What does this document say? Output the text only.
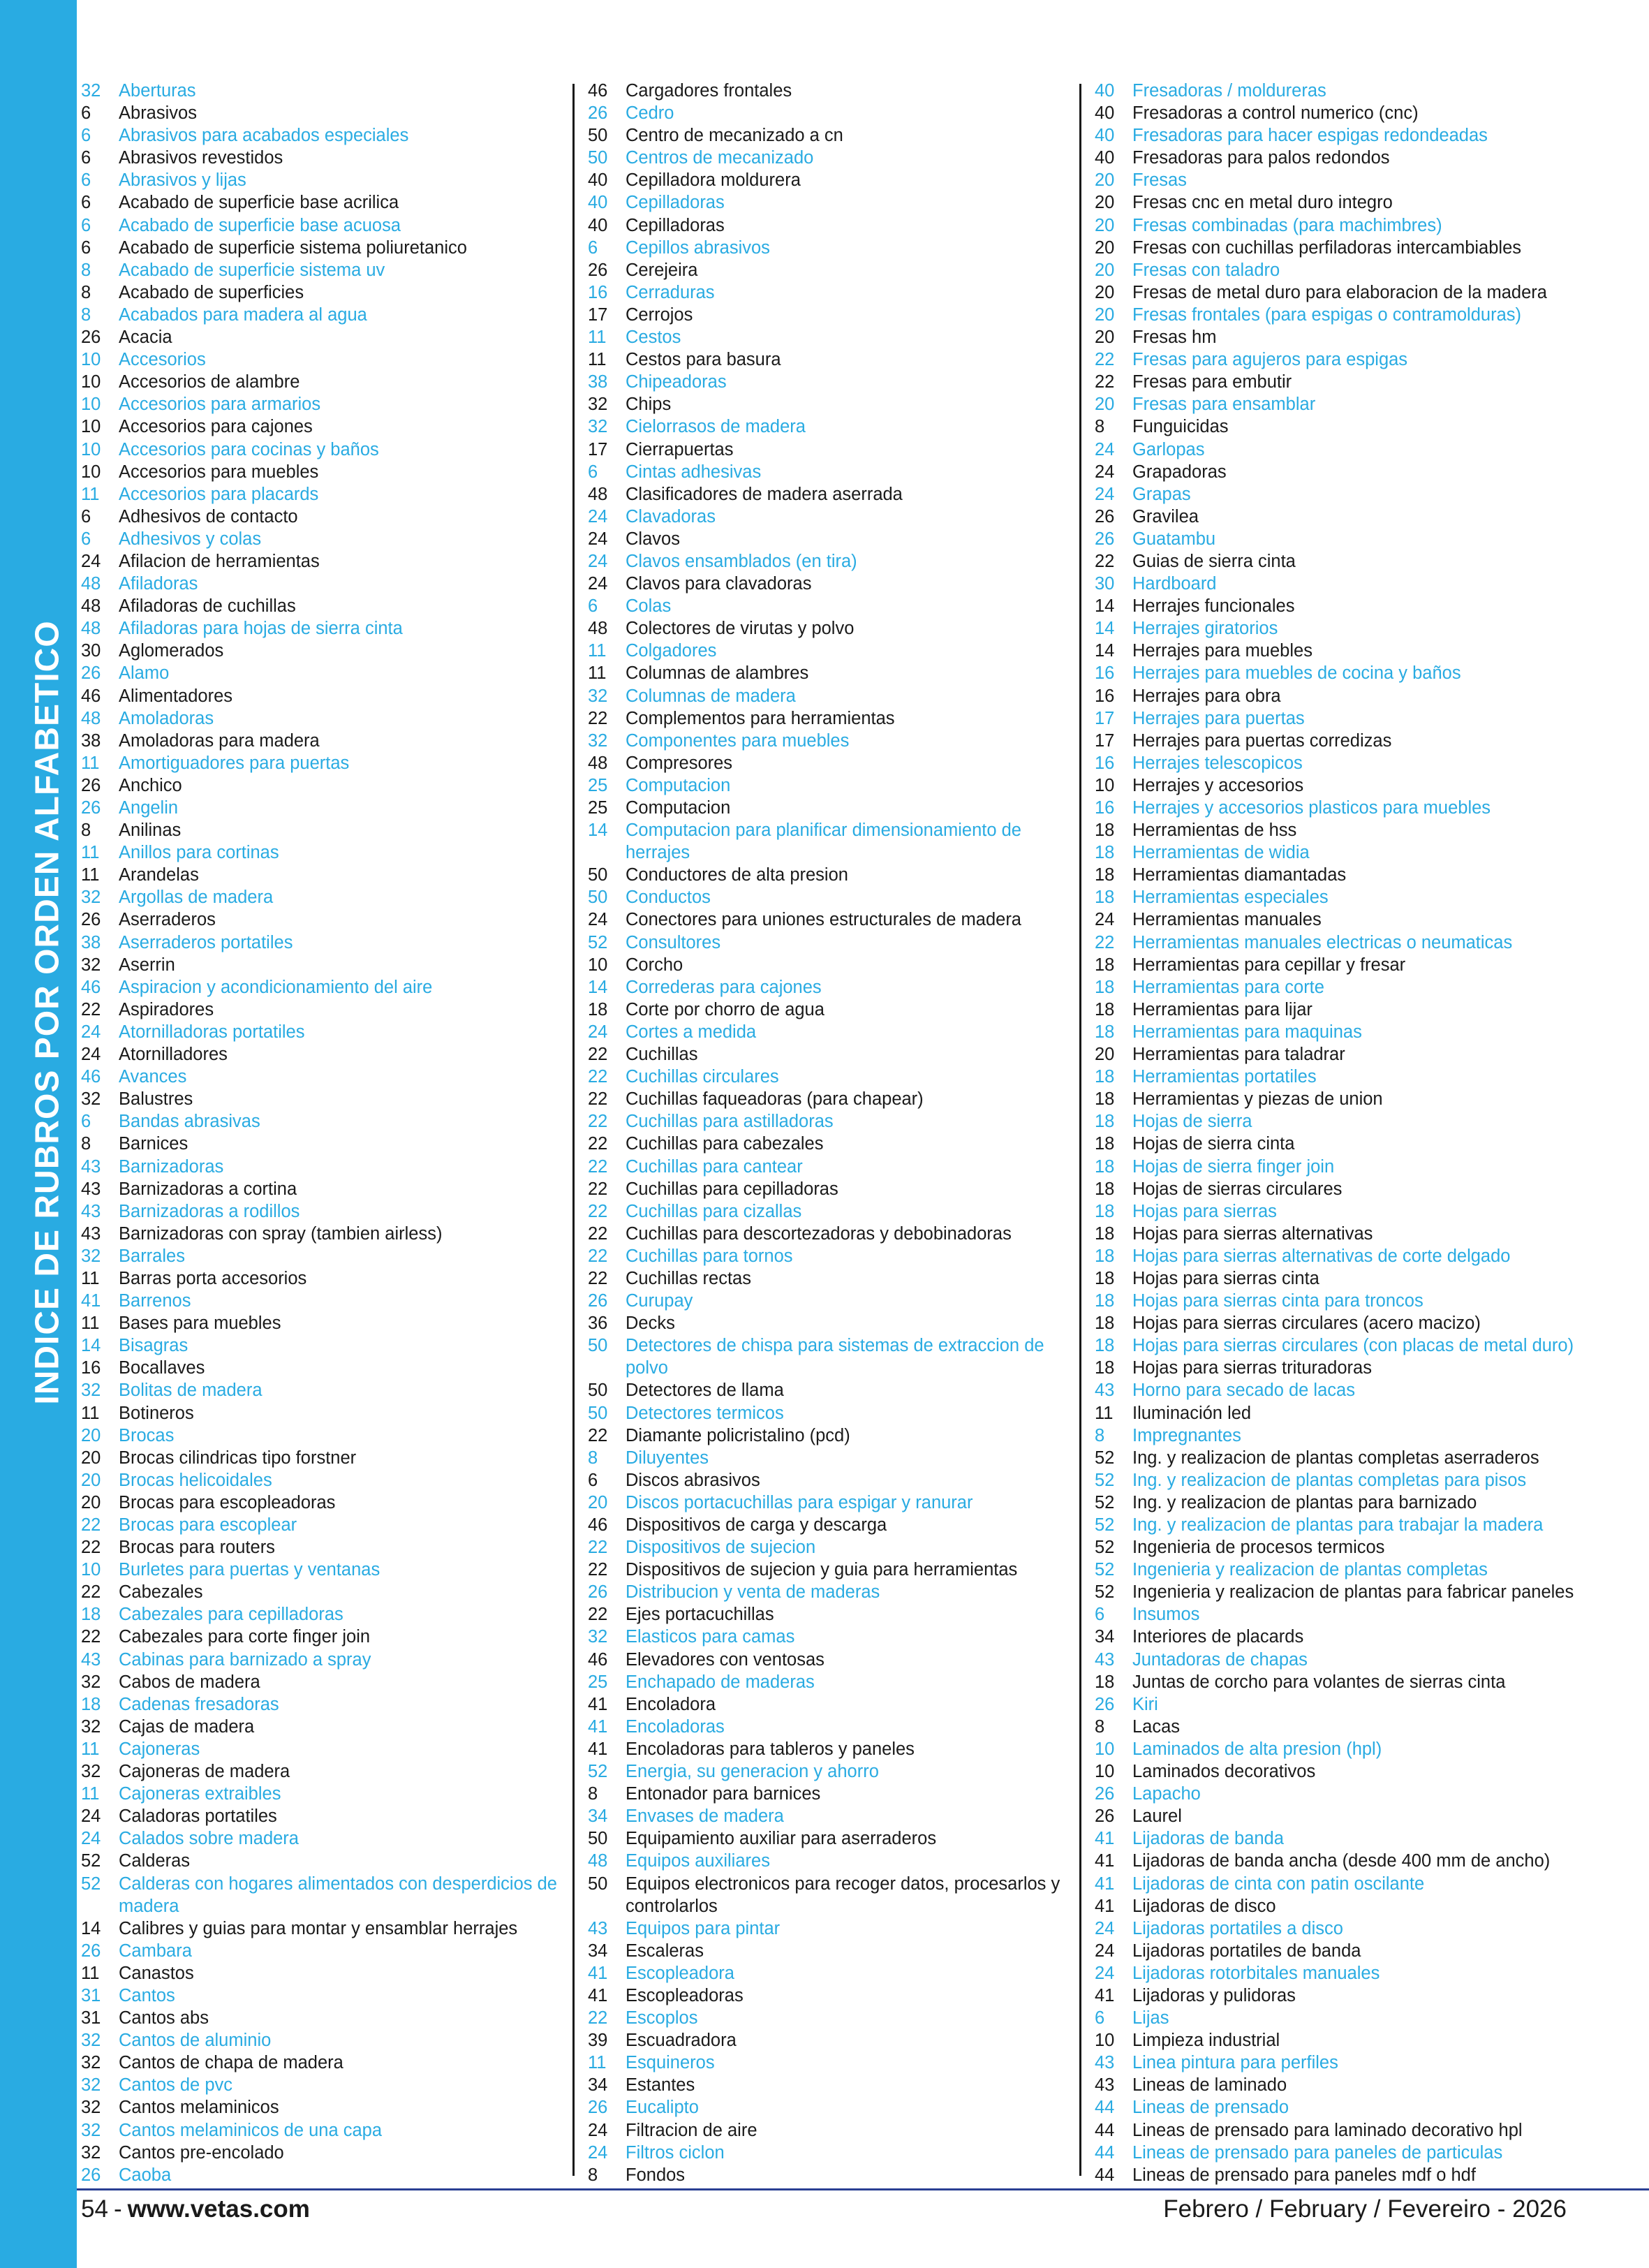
INDICE DE RUBROS POR ORDEN ALFABETICO
32	Aberturas
6	Abrasivos
6	Abrasivos para acabados especiales
6	Abrasivos revestidos
6	Abrasivos y lijas
6	Acabado de superficie base acrilica
6	Acabado de superficie base acuosa
6	Acabado de superficie sistema poliuretanico
8	Acabado de superficie sistema uv
8	Acabado de superficies
8	Acabados para madera al agua
26	Acacia
10	Accesorios
10	Accesorios de alambre
10	Accesorios para armarios
10	Accesorios para cajones
10	Accesorios para cocinas y baños
10	Accesorios para muebles
11	Accesorios para placards
6	Adhesivos de contacto
6	Adhesivos y colas
24	Afilacion de herramientas
48	Afiladoras
48	Afiladoras de cuchillas
48	Afiladoras para hojas de sierra cinta
30	Aglomerados
26	Alamo
46	Alimentadores
48	Amoladoras
38	Amoladoras para madera
11	Amortiguadores para puertas
26	Anchico
26	Angelin
8	Anilinas
11	Anillos para cortinas
11	Arandelas
32	Argollas de madera
26	Aserraderos
38	Aserraderos portatiles
32	Aserrin
46	Aspiracion y acondicionamiento del aire
22	Aspiradores
24	Atornilladoras portatiles
24	Atornilladores
46	Avances
32	Balustres
6	Bandas abrasivas
8	Barnices
43	Barnizadoras
43	Barnizadoras a cortina
43	Barnizadoras a rodillos
43	Barnizadoras con spray (tambien airless)
32	Barrales
11	Barras porta accesorios
41	Barrenos
11	Bases para muebles
14	Bisagras
16	Bocallaves
32	Bolitas de madera
11	Botineros
20	Brocas
20	Brocas cilindricas tipo forstner
20	Brocas helicoidales
20	Brocas para escopleadoras
22	Brocas para escoplear
22	Brocas para routers
10	Burletes para puertas y ventanas
22	Cabezales
18	Cabezales para cepilladoras
22	Cabezales para corte finger join
43	Cabinas para barnizado a spray
32	Cabos de madera
18	Cadenas fresadoras
32	Cajas de madera
11	Cajoneras
32	Cajoneras de madera
11	Cajoneras extraibles
24	Caladoras portatiles
24	Calados sobre madera
52	Calderas
52	Calderas con hogares alimentados con desperdicios de madera
14	Calibres y guias para montar y ensamblar herrajes
26	Cambara
11	Canastos
31	Cantos
31	Cantos abs
32	Cantos de aluminio
32	Cantos de chapa de madera
32	Cantos de pvc
32	Cantos melaminicos
32	Cantos melaminicos de una capa
32	Cantos pre-encolado
26	Caoba
46	Cargadores frontales
26	Cedro
50	Centro de mecanizado a cn
50	Centros de mecanizado
40	Cepilladora moldurera
40	Cepilladoras
40	Cepilladoras
6	Cepillos abrasivos
26	Cerejeira
16	Cerraduras
17	Cerrojos
11	Cestos
11	Cestos para basura
38	Chipeadoras
32	Chips
32	Cielorrasos de madera
17	Cierrapuertas
6	Cintas adhesivas
48	Clasificadores de madera aserrada
24	Clavadoras
24	Clavos
24	Clavos ensamblados (en tira)
24	Clavos para clavadoras
6	Colas
48	Colectores de virutas y polvo
11	Colgadores
11	Columnas de alambres
32	Columnas de madera
22	Complementos para herramientas
32	Componentes para muebles
48	Compresores
25	Computacion
25	Computacion
14	Computacion para planificar dimensionamiento de herrajes
50	Conductores de alta presion
50	Conductos
24	Conectores para uniones estructurales de madera
52	Consultores
10	Corcho
14	Correderas para cajones
18	Corte por chorro de agua
24	Cortes a medida
22	Cuchillas
22	Cuchillas circulares
22	Cuchillas faqueadoras (para chapear)
22	Cuchillas para astilladoras
22	Cuchillas para cabezales
22	Cuchillas para cantear
22	Cuchillas para cepilladoras
22	Cuchillas para cizallas
22	Cuchillas para descortezadoras y debobinadoras
22	Cuchillas para tornos
22	Cuchillas rectas
26	Curupay
36	Decks
50	Detectores de chispa para sistemas de extraccion de polvo
50	Detectores de llama
50	Detectores termicos
22	Diamante policristalino (pcd)
8	Diluyentes
6	Discos abrasivos
20	Discos portacuchillas para espigar y ranurar
46	Dispositivos de carga y descarga
22	Dispositivos de sujecion
22	Dispositivos de sujecion y guia para herramientas
26	Distribucion y venta de maderas
22	Ejes portacuchillas
32	Elasticos para camas
46	Elevadores con ventosas
25	Enchapado de maderas
41	Encoladora
41	Encoladoras
41	Encoladoras para tableros y paneles
52	Energia, su generacion y ahorro
8	Entonador para barnices
34	Envases de madera
50	Equipamiento auxiliar para aserraderos
48	Equipos auxiliares
50	Equipos electronicos para recoger datos, procesarlos y controlarlos
43	Equipos para pintar
34	Escaleras
41	Escopleadora
41	Escopleadoras
22	Escoplos
39	Escuadradora
11	Esquineros
34	Estantes
26	Eucalipto
24	Filtracion de aire
24	Filtros ciclon
8	Fondos
40	Fresadoras / moldureras
40	Fresadoras a control numerico (cnc)
40	Fresadoras para hacer espigas redondeadas
40	Fresadoras para palos redondos
20	Fresas
20	Fresas cnc en metal duro integro
20	Fresas combinadas (para machimbres)
20	Fresas con cuchillas perfiladoras intercambiables
20	Fresas con taladro
20	Fresas de metal duro para elaboracion de la madera
20	Fresas frontales (para espigas o contramolduras)
20	Fresas hm
22	Fresas para agujeros para espigas
22	Fresas para embutir
20	Fresas para ensamblar
8	Funguicidas
24	Garlopas
24	Grapadoras
24	Grapas
26	Gravilea
26	Guatambu
22	Guias de sierra cinta
30	Hardboard
14	Herrajes funcionales
14	Herrajes giratorios
14	Herrajes para muebles
16	Herrajes para muebles de cocina y baños
16	Herrajes para obra
17	Herrajes para puertas
17	Herrajes para puertas corredizas
16	Herrajes telescopicos
10	Herrajes y accesorios
16	Herrajes y accesorios plasticos para muebles
18	Herramientas de hss
18	Herramientas de widia
18	Herramientas diamantadas
18	Herramientas especiales
24	Herramientas manuales
22	Herramientas manuales electricas o neumaticas
18	Herramientas para cepillar y fresar
18	Herramientas para corte
18	Herramientas para lijar
18	Herramientas para maquinas
20	Herramientas para taladrar
18	Herramientas portatiles
18	Herramientas y piezas de union
18	Hojas de sierra
18	Hojas de sierra cinta
18	Hojas de sierra finger join
18	Hojas de sierras circulares
18	Hojas para sierras
18	Hojas para sierras alternativas
18	Hojas para sierras alternativas de corte delgado
18	Hojas para sierras cinta
18	Hojas para sierras cinta para troncos
18	Hojas para sierras circulares (acero macizo)
18	Hojas para sierras circulares (con placas de metal duro)
18	Hojas para sierras trituradoras
43	Horno para secado de lacas
11	Iluminación led
8	Impregnantes
52	Ing. y realizacion de plantas completas aserraderos
52	Ing. y realizacion de plantas completas para pisos
52	Ing. y realizacion de plantas para barnizado
52	Ing. y realizacion de plantas para trabajar la madera
52	Ingenieria de procesos termicos
52	Ingenieria y realizacion de plantas completas
52	Ingenieria y realizacion de plantas para fabricar paneles
6	Insumos
34	Interiores de placards
43	Juntadoras de chapas
18	Juntas de corcho para volantes de sierras cinta
26	Kiri
8	Lacas
10	Laminados de alta presion (hpl)
10	Laminados decorativos
26	Lapacho
26	Laurel
41	Lijadoras de banda
41	Lijadoras de banda ancha (desde 400 mm de ancho)
41	Lijadoras de cinta con patin oscilante
41	Lijadoras de disco
24	Lijadoras portatiles a disco
24	Lijadoras portatiles de banda
24	Lijadoras rotorbitales manuales
41	Lijadoras y pulidoras
6	Lijas
10	Limpieza industrial
43	Linea pintura para perfiles
43	Lineas de laminado
44	Lineas de prensado
44	Lineas de prensado para laminado decorativo hpl
44	Lineas de prensado para paneles de particulas
44	Lineas de prensado para paneles mdf o hdf
54 - www.vetas.com	Febrero / February / Fevereiro - 2026
